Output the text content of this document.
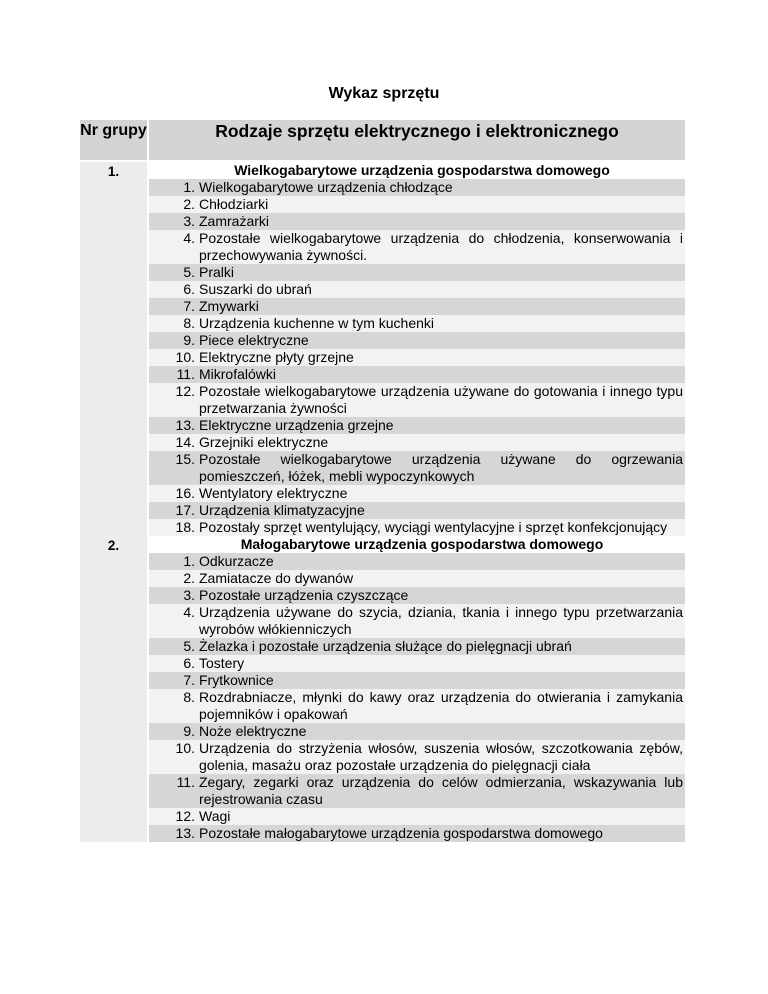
Wykaz sprzętu
Nr grupy	Rodzaje sprzętu elektrycznego i elektronicznego
1.	Wielkogabarytowe urządzenia gospodarstwa domowego
1. Wielkogabarytowe urządzenia chłodzące
2. Chłodziarki
3. Zamrażarki
4. Pozostałe wielkogabarytowe urządzenia do chłodzenia, konserwowania i przechowywania żywności.
5. Pralki
6. Suszarki do ubrań
7. Zmywarki
8. Urządzenia kuchenne w tym kuchenki
9. Piece elektryczne
10. Elektryczne płyty grzejne
11. Mikrofalówki
12. Pozostałe wielkogabarytowe urządzenia używane do gotowania i innego typu przetwarzania żywności
13. Elektryczne urządzenia grzejne
14. Grzejniki elektryczne
15. Pozostałe wielkogabarytowe urządzenia używane do ogrzewania pomieszczeń, łóżek, mebli wypoczynkowych
16. Wentylatory elektryczne
17. Urządzenia klimatyzacyjne
18. Pozostały sprzęt wentylujący, wyciągi wentylacyjne i sprzęt konfekcjonujący
2.	Małogabarytowe urządzenia gospodarstwa domowego
1. Odkurzacze
2. Zamiatacze do dywanów
3. Pozostałe urządzenia czyszczące
4. Urządzenia używane do szycia, dziania, tkania i innego typu przetwarzania wyrobów włókienniczych
5. Żelazka i pozostałe urządzenia służące do pielęgnacji ubrań
6. Tostery
7. Frytkownice
8. Rozdrabniacze, młynki do kawy oraz urządzenia do otwierania i zamykania pojemników i opakowań
9. Noże elektryczne
10. Urządzenia do strzyżenia włosów, suszenia włosów, szczotkowania zębów, golenia, masażu oraz pozostałe urządzenia do pielęgnacji ciała
11. Zegary, zegarki oraz urządzenia do celów odmierzania, wskazywania lub rejestrowania czasu
12. Wagi
13. Pozostałe małogabarytowe urządzenia gospodarstwa domowego
